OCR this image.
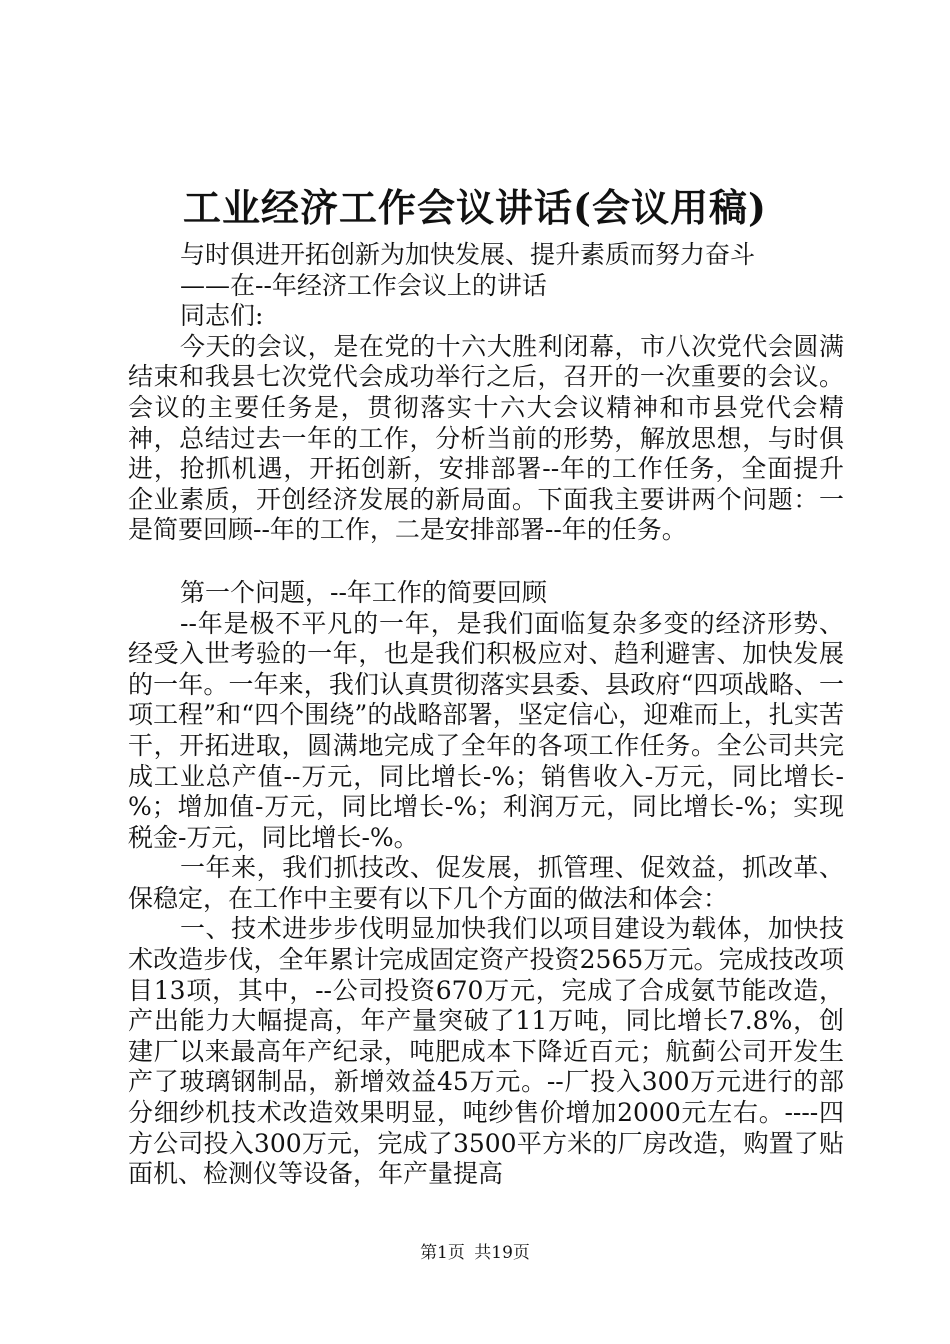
工业经济工作会议讲话(会议用稿)

与时俱进开拓创新为加快发展、提升素质而努力奋斗

——在--年经济工作会议上的讲话

同志们:

今天的会议，是在党的十六大胜利闭幕，市八次党代会圆满结束和我县七次党代会成功举行之后，召开的一次重要的会议。会议的主要任务是，贯彻落实十六大会议精神和市县党代会精神，总结过去一年的工作，分析当前的形势，解放思想，与时俱进，抢抓机遇，开拓创新，安排部署--年的工作任务，全面提升企业素质，开创经济发展的新局面。下面我主要讲两个问题：一是简要回顾--年的工作，二是安排部署--年的任务。

第一个问题，--年工作的简要回顾

--年是极不平凡的一年，是我们面临复杂多变的经济形势、经受入世考验的一年，也是我们积极应对、趋利避害、加快发展的一年。一年来，我们认真贯彻落实县委、县政府“四项战略、一项工程”和“四个围绕”的战略部署，坚定信心，迎难而上，扎实苦干，开拓进取，圆满地完成了全年的各项工作任务。全公司共完成工业总产值--万元，同比增长-%；销售收入-万元，同比增长-%；增加值-万元，同比增长-%；利润万元，同比增长-%；实现税金-万元，同比增长-%。

一年来，我们抓技改、促发展，抓管理、促效益，抓改革、保稳定，在工作中主要有以下几个方面的做法和体会：

一、技术进步步伐明显加快我们以项目建设为载体，加快技术改造步伐，全年累计完成固定资产投资2565万元。完成技改项目13项，其中，--公司投资670万元，完成了合成氨节能改造，产出能力大幅提高，年产量突破了11万吨，同比增长7.8%，创建厂以来最高年产纪录，吨肥成本下降近百元；航蓟公司开发生产了玻璃钢制品，新增效益45万元。--厂投入300万元进行的部分细纱机技术改造效果明显，吨纱售价增加2000元左右。----四方公司投入300万元，完成了3500平方米的厂房改造，购置了贴面机、检测仪等设备，年产量提高

第1页 共19页
